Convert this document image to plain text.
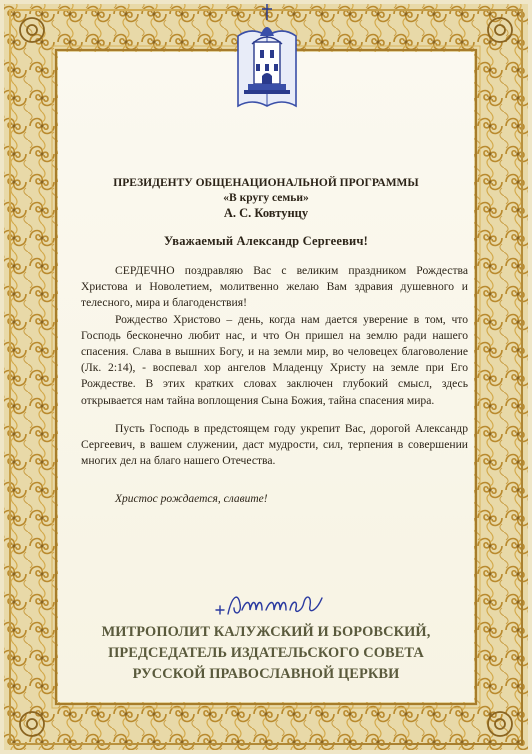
ПРЕЗИДЕНТУ ОБЩЕНАЦИОНАЛЬНОЙ ПРОГРАММЫ
«В кругу семьи»
А. С. Ковтунцу
Уважаемый Александр Сергеевич!

СЕРДЕЧНО поздравляю Вас с великим праздником Рождества Христова и Новолетием, молитвенно желаю Вам здравия душевного и телесного, мира и благоденствия!

Рождество Христово – день, когда нам дается уверение в том, что Господь бесконечно любит нас, и что Он пришел на землю ради нашего спасения. Слава в вышних Богу, и на земли мир, во человецех благоволение (Лк. 2:14), - воспевал хор ангелов Младенцу Христу на земле при Его Рождестве. В этих кратких словах заключен глубокий смысл, здесь открывается нам тайна воплощения Сына Божия, тайна спасения мира.

Пусть Господь в предстоящем году укрепит Вас, дорогой Александр Сергеевич, в вашем служении, даст мудрости, сил, терпения в совершении многих дел на благо нашего Отечества.

Христос рождается, славите!
МИТРОПОЛИТ КАЛУЖСКИЙ И БОРОВСКИЙ,
ПРЕДСЕДАТЕЛЬ ИЗДАТЕЛЬСКОГО СОВЕТА
РУССКОЙ ПРАВОСЛАВНОЙ ЦЕРКВИ
